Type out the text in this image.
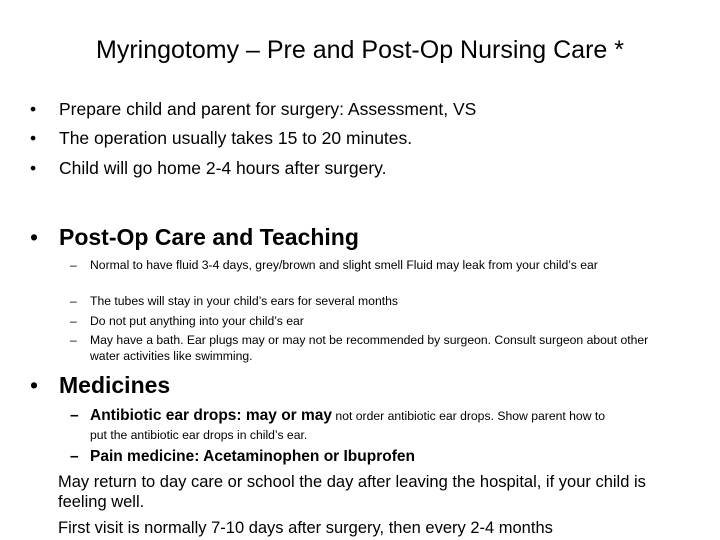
Myringotomy – Pre and Post-Op Nursing Care *
• Prepare child and parent for surgery: Assessment, VS
• The operation usually takes 15 to 20 minutes.
• Child will go home 2-4 hours after surgery.
• Post-Op Care and Teaching
–	Normal to have fluid 3-4 days, grey/brown and slight smell Fluid may leak from your child’s ear
–	The tubes will stay in your child’s ears for several months
–	Do not put anything into your child’s ear
–	May have a bath. Ear plugs may or may not be recommended by surgeon. Consult surgeon about other water activities like swimming.
• Medicines
– Antibiotic ear drops: may or may not order antibiotic ear drops. Show parent how to
put the antibiotic ear drops in child’s ear.
– Pain medicine: Acetaminophen or Ibuprofen
May return to day care or school the day after leaving the hospital, if your child is feeling well.
First visit is normally 7-10 days after surgery, then every 2-4 months
